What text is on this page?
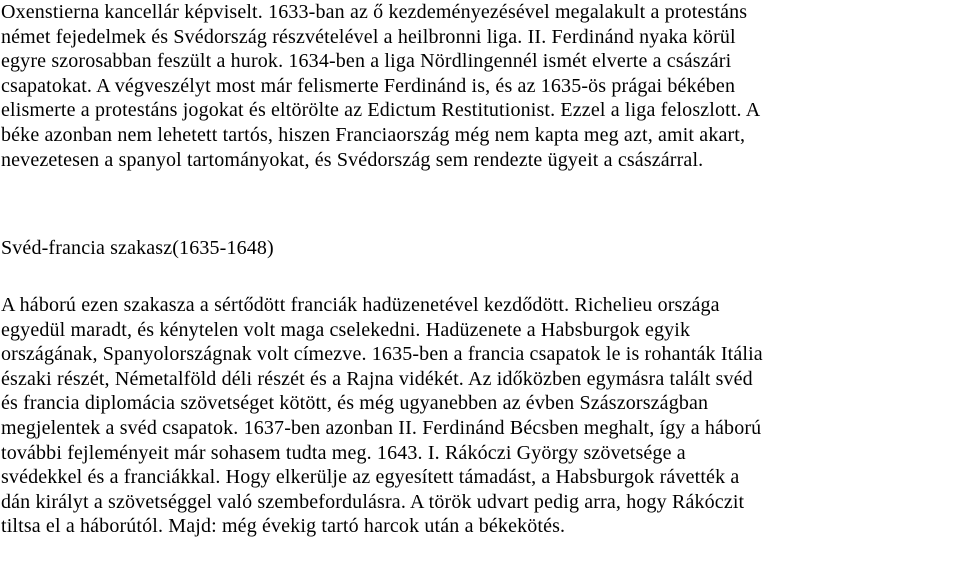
Oxenstierna kancellár képviselt. 1633-ban az ő kezdeményezésével megalakult a protestáns
német fejedelmek és Svédország részvételével a heilbronni liga. II. Ferdinánd nyaka körül
egyre szorosabban feszült a hurok. 1634-ben a liga Nördlingennél ismét elverte a császári
csapatokat. A végveszélyt most már felismerte Ferdinánd is, és az 1635-ös prágai békében
elismerte a protestáns jogokat és eltörölte az Edictum Restitutionist. Ezzel a liga feloszlott. A
béke azonban nem lehetett tartós, hiszen Franciaország még nem kapta meg azt, amit akart,
nevezetesen a spanyol tartományokat, és Svédország sem rendezte ügyeit a császárral.

Svéd-francia szakasz(1635-1648)

A háború ezen szakasza a sértődött franciák hadüzenetével kezdődött. Richelieu országa
egyedül maradt, és kénytelen volt maga cselekedni. Hadüzenete a Habsburgok egyik
országának, Spanyolországnak volt címezve. 1635-ben a francia csapatok le is rohanták Itália
északi részét, Németalföld déli részét és a Rajna vidékét. Az időközben egymásra talált svéd
és francia diplomácia szövetséget kötött, és még ugyanebben az évben Szászországban
megjelentek a svéd csapatok. 1637-ben azonban II. Ferdinánd Bécsben meghalt, így a háború
további fejleményeit már sohasem tudta meg. 1643. I. Rákóczi György szövetsége a
svédekkel és a franciákkal. Hogy elkerülje az egyesített támadást, a Habsburgok rávették a
dán királyt a szövetséggel való szembefordulásra. A török udvart pedig arra, hogy Rákóczit
tiltsa el a háborútól. Majd: még évekig tartó harcok után a békekötés.
